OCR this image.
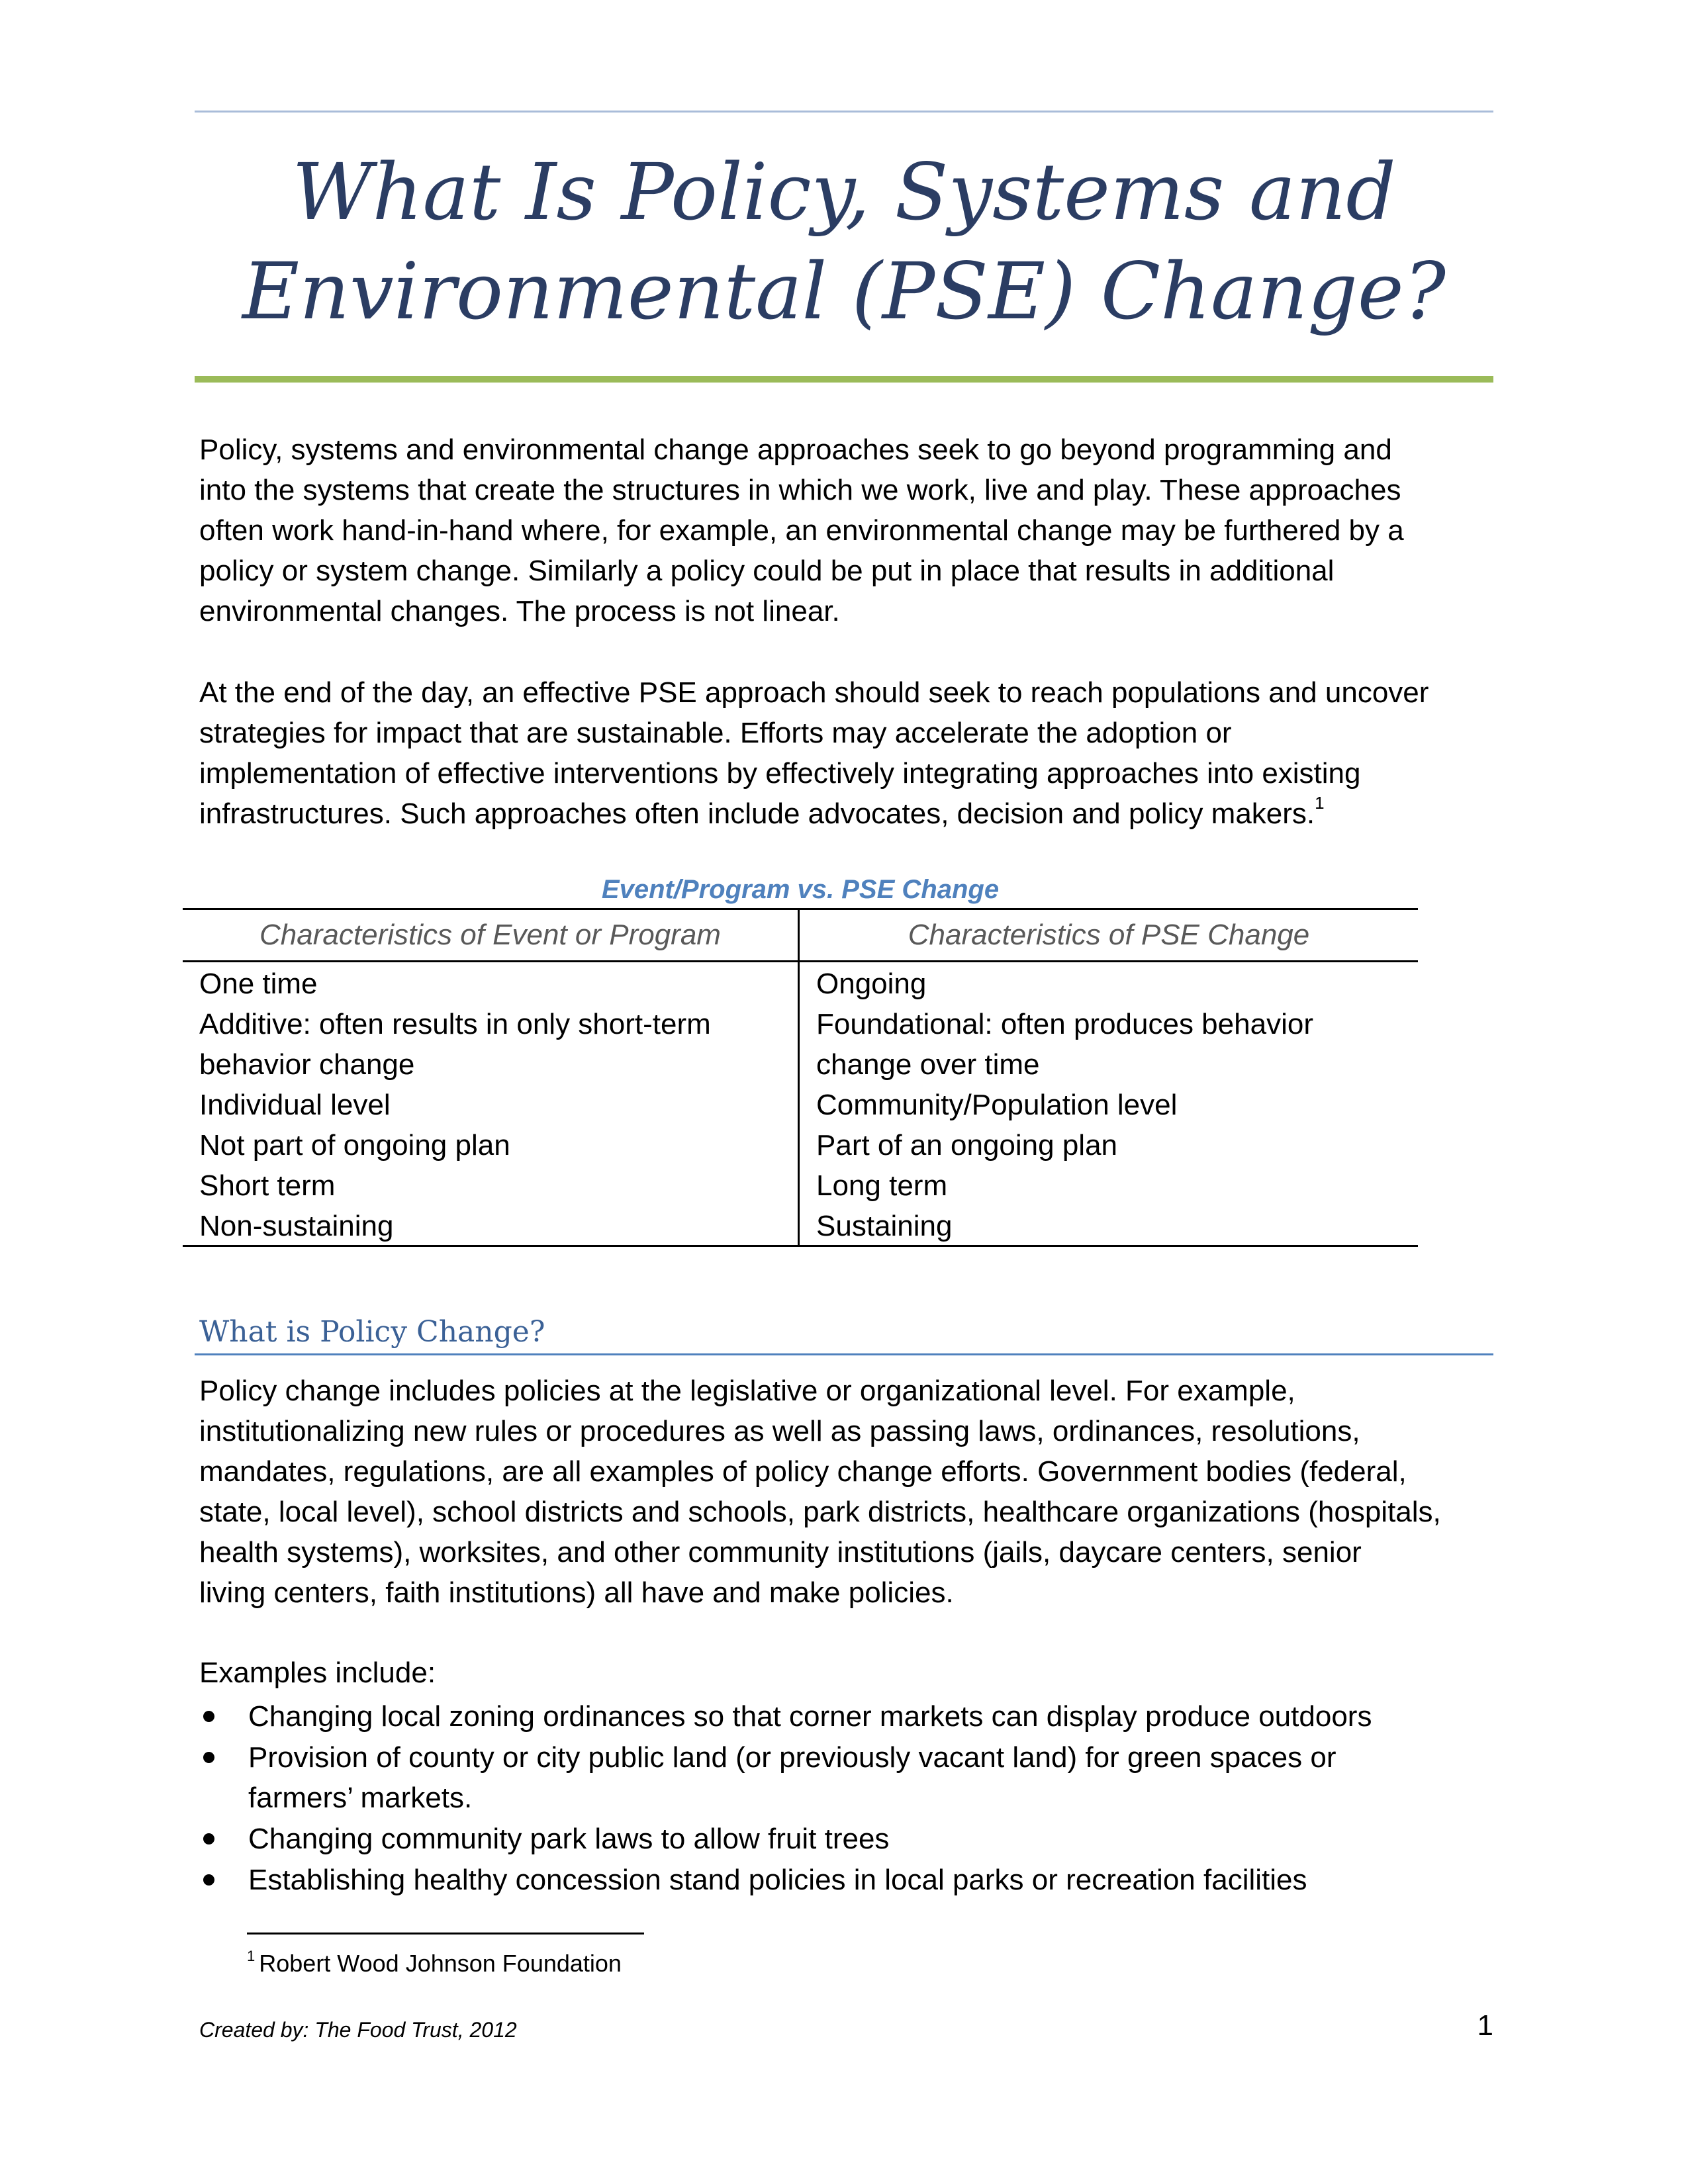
What Is Policy, Systems and
Environmental (PSE) Change?

Policy, systems and environmental change approaches seek to go beyond programming and
into the systems that create the structures in which we work, live and play. These approaches
often work hand-in-hand where, for example, an environmental change may be furthered by a
policy or system change. Similarly a policy could be put in place that results in additional
environmental changes. The process is not linear.

At the end of the day, an effective PSE approach should seek to reach populations and uncover
strategies for impact that are sustainable. Efforts may accelerate the adoption or
implementation of effective interventions by effectively integrating approaches into existing
infrastructures. Such approaches often include advocates, decision and policy makers.$^1$

Event/Program vs. PSE Change
Characteristics of Event or Program	Characteristics of PSE Change
One time
Additive: often results in only short-term
behavior change
Individual level
Not part of ongoing plan
Short term
Non-sustaining
Ongoing
Foundational: often produces behavior
change over time
Community/Population level
Part of an ongoing plan
Long term
Sustaining
What is Policy Change?

Policy change includes policies at the legislative or organizational level. For example,
institutionalizing new rules or procedures as well as passing laws, ordinances, resolutions,
mandates, regulations, are all examples of policy change efforts. Government bodies (federal,
state, local level), school districts and schools, park districts, healthcare organizations (hospitals,
health systems), worksites, and other community institutions (jails, daycare centers, senior
living centers, faith institutions) all have and make policies.

Examples include:

Changing local zoning ordinances so that corner markets can display produce outdoors
Provision of county or city public land (or previously vacant land) for green spaces or
farmers’ markets.
Changing community park laws to allow fruit trees
Establishing healthy concession stand policies in local parks or recreation facilities
$^1$ Robert Wood Johnson Foundation
Created by: The Food Trust, 2012	1
